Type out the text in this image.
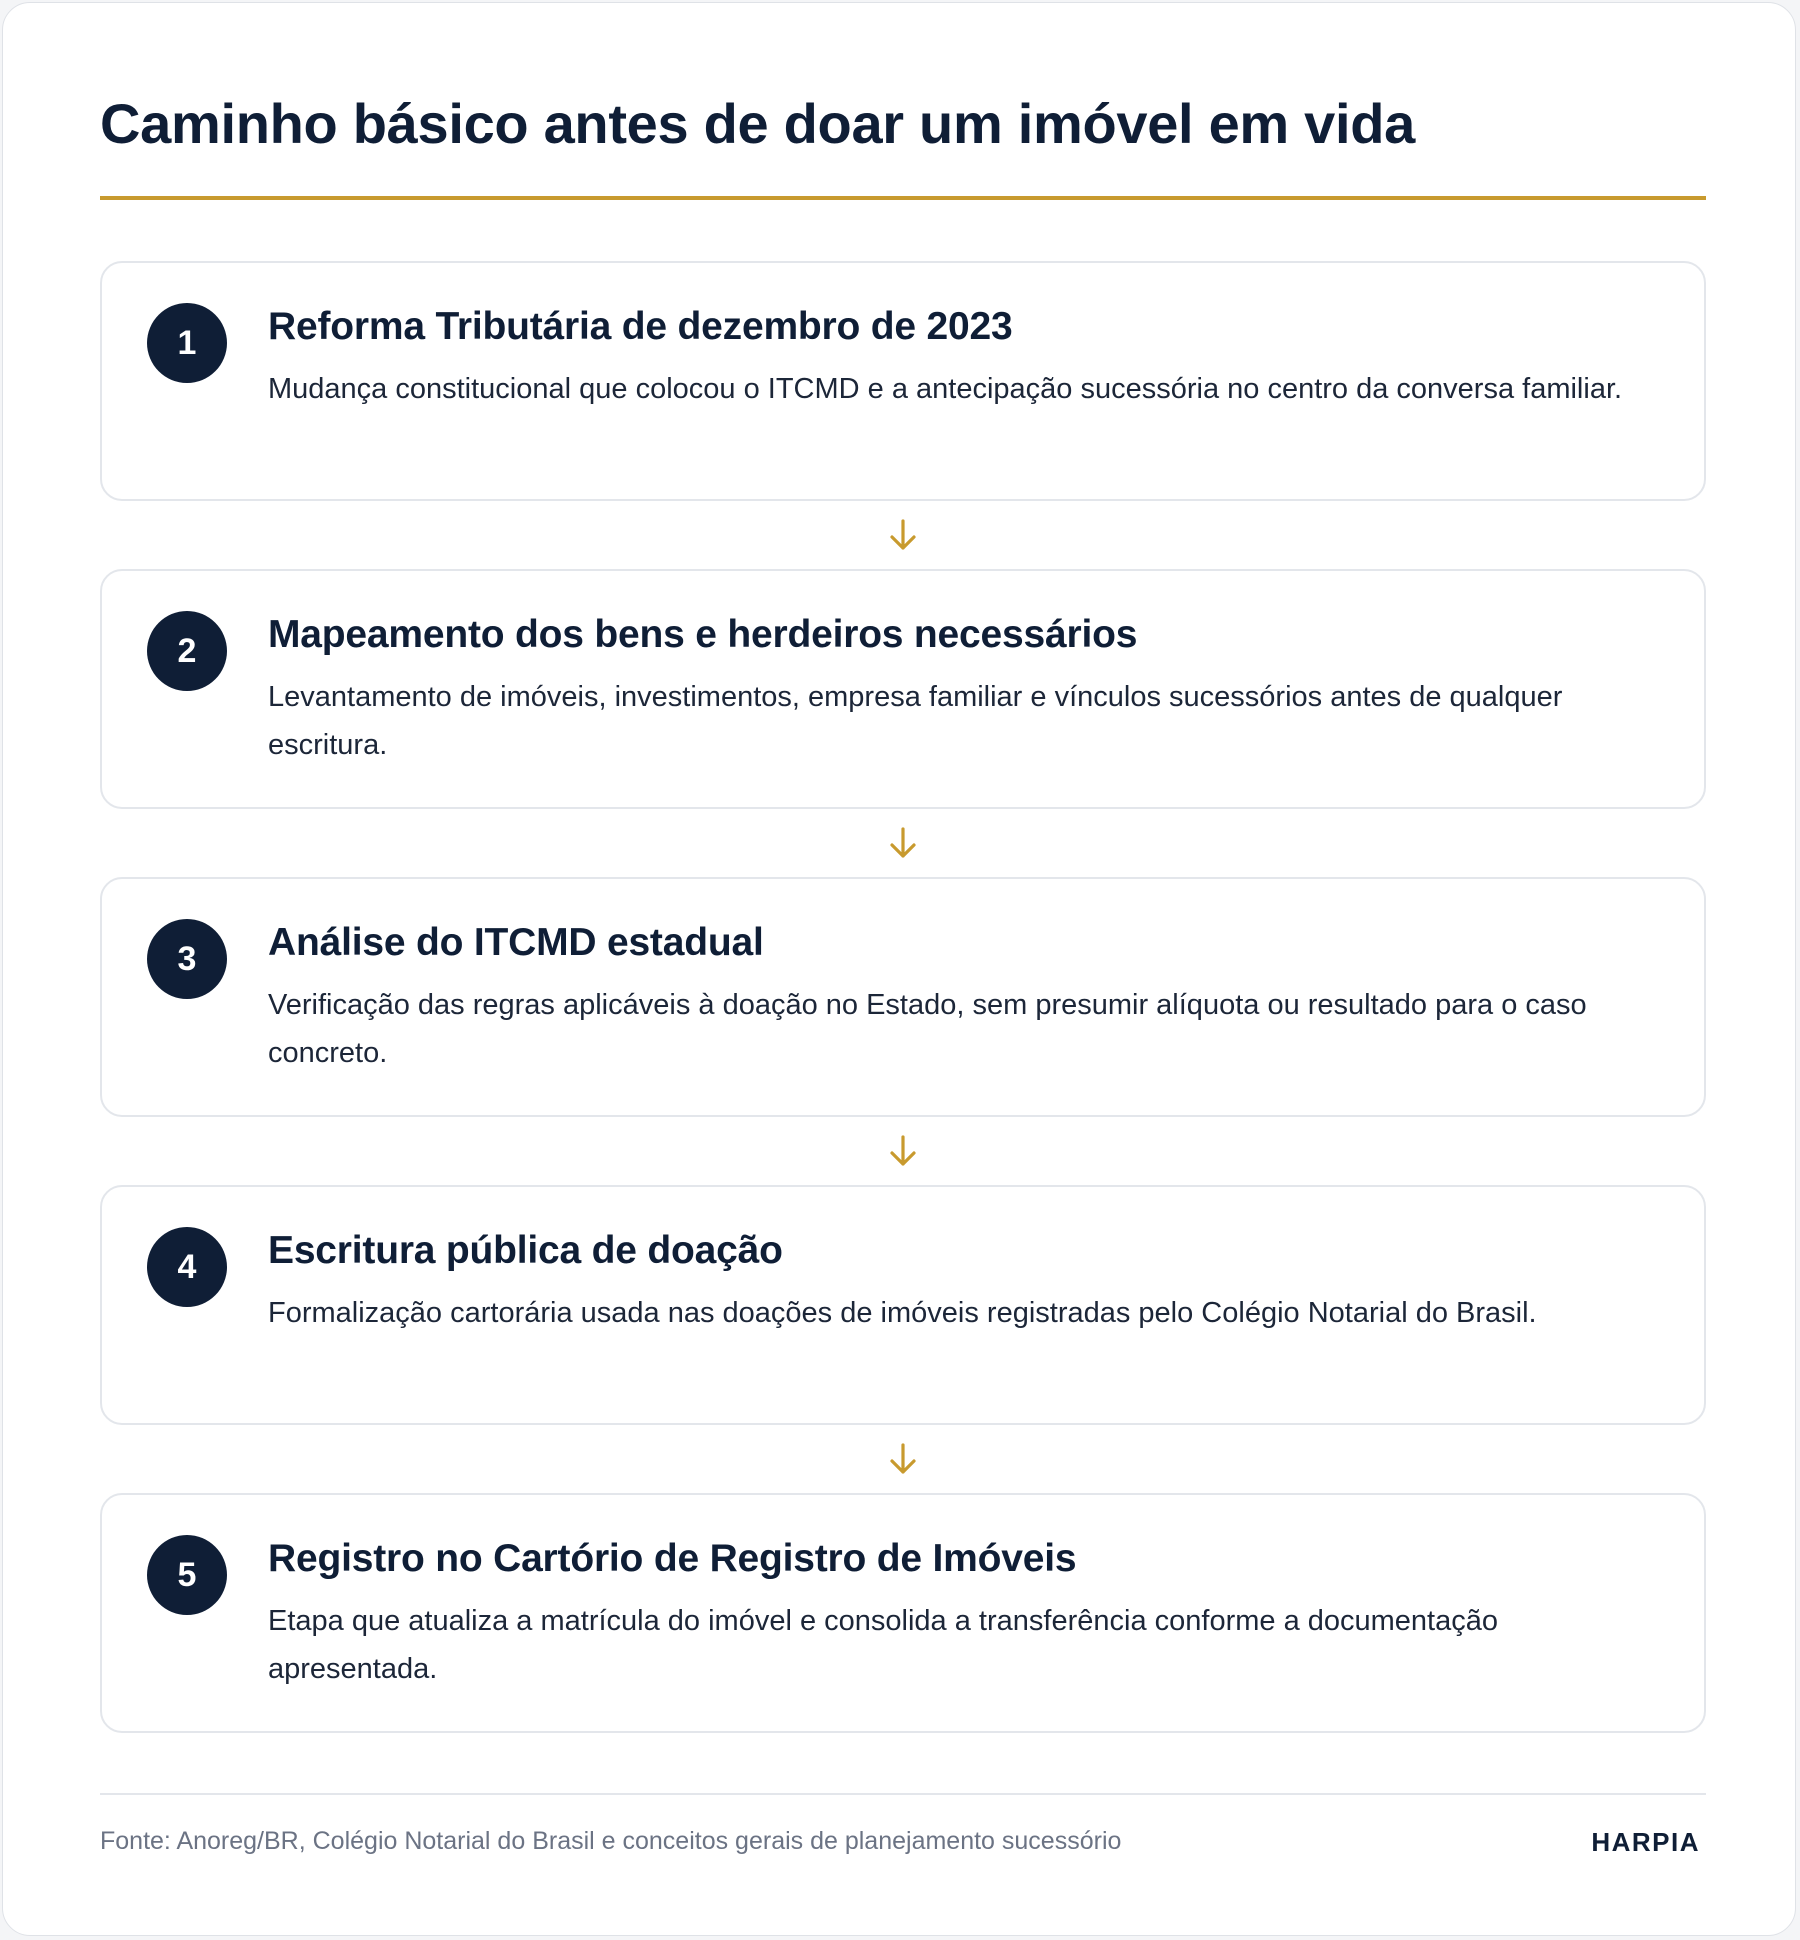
Caminho básico antes de doar um imóvel em vida
1	Reforma Tributária de dezembro de 2023

Mudança constitucional que colocou o ITCMD e a antecipação sucessória no centro da conversa familiar.

2	Mapeamento dos bens e herdeiros necessários

Levantamento de imóveis, investimentos, empresa familiar e vínculos sucessórios antes de qualquer escritura.

3	Análise do ITCMD estadual

Verificação das regras aplicáveis à doação no Estado, sem presumir alíquota ou resultado para o caso concreto.

4	Escritura pública de doação

Formalização cartorária usada nas doações de imóveis registradas pelo Colégio Notarial do Brasil.

5	Registro no Cartório de Registro de Imóveis

Etapa que atualiza a matrícula do imóvel e consolida a transferência conforme a documentação apresentada.

Fonte: Anoreg/BR, Colégio Notarial do Brasil e conceitos gerais de planejamento sucessório	HARPIA
